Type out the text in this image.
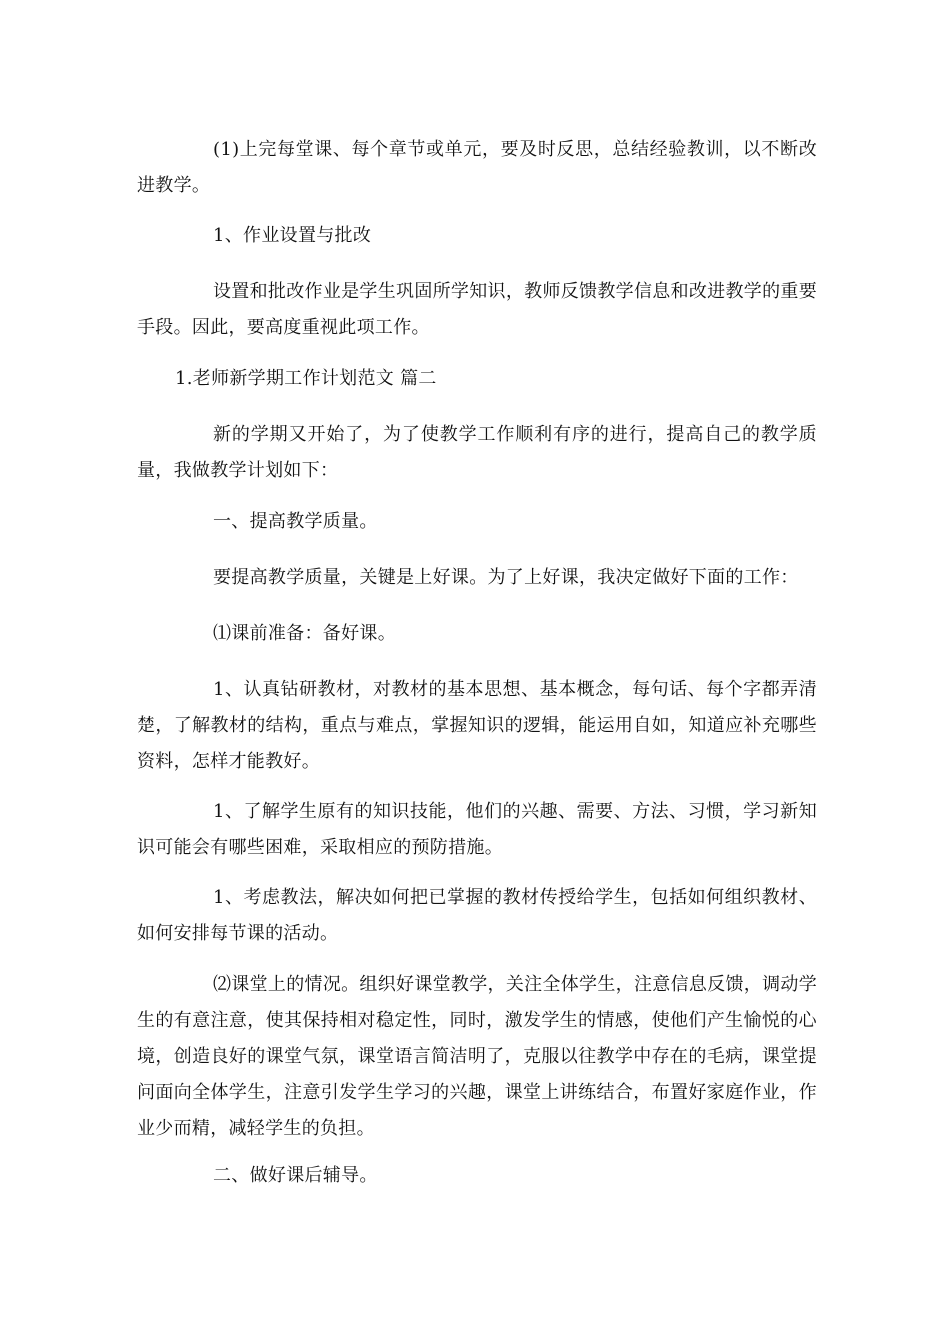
(1)上完每堂课、每个章节或单元，要及时反思，总结经验教训，以不断改进教学。

1、作业设置与批改

设置和批改作业是学生巩固所学知识，教师反馈教学信息和改进教学的重要手段。因此，要高度重视此项工作。

1.老师新学期工作计划范文 篇二

新的学期又开始了，为了使教学工作顺利有序的进行，提高自己的教学质量，我做教学计划如下：

一、提高教学质量。

要提高教学质量，关键是上好课。为了上好课，我决定做好下面的工作：

⑴课前准备：备好课。

1、认真钻研教材，对教材的基本思想、基本概念，每句话、每个字都弄清楚，了解教材的结构，重点与难点，掌握知识的逻辑，能运用自如，知道应补充哪些资料，怎样才能教好。

1、了解学生原有的知识技能，他们的兴趣、需要、方法、习惯，学习新知识可能会有哪些困难，采取相应的预防措施。

1、考虑教法，解决如何把已掌握的教材传授给学生，包括如何组织教材、如何安排每节课的活动。

⑵课堂上的情况。组织好课堂教学，关注全体学生，注意信息反馈，调动学生的有意注意，使其保持相对稳定性，同时，激发学生的情感，使他们产生愉悦的心境，创造良好的课堂气氛，课堂语言简洁明了，克服以往教学中存在的毛病，课堂提问面向全体学生，注意引发学生学习的兴趣，课堂上讲练结合，布置好家庭作业，作业少而精，减轻学生的负担。

二、做好课后辅导。
